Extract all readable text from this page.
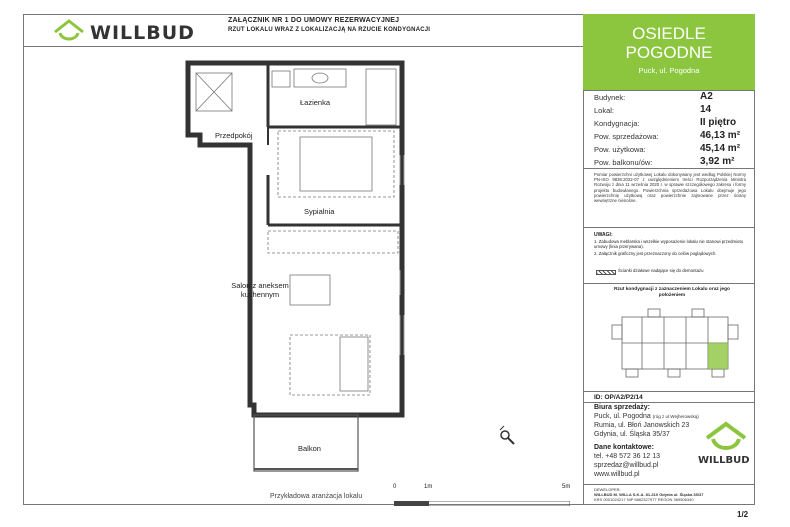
WILLBUD
ZAŁĄCZNIK NR 1 DO UMOWY REZERWACYJNEJ
RZUT LOKALU WRAZ Z LOKALIZACJĄ NA RZUCIE KONDYGNACJI	OSIEDLE
POGODNE
Puck, ul. Pogodna
Budynek:	A2
Lokal:	14
Kondygnacja:	II piętro
Pow. sprzedażowa:	46,13 m²
Pow. użytkowa:	45,14 m²
Pow. balkonu/ów:	3,92 m²
Pomiar powierzchni użytkowej Lokalu dokonywany jest według Polskiej Normy PN-ISO 9836:2022-07 z uwzględnieniem treści Rozporządzenia Ministra Rozwoju z dnia 11 września 2020 r. w sprawie szczegółowego zakresu i formy projektu budowlanego. Powierzchnia sprzedażowa Lokalu obejmuje jego powierzchnię użytkową oraz powierzchnie zajmowane przez ściany wewnętrzne nienośne.
UWAGI:
1. Zabudowa meblarska i wszelkie wyposażenie lokalu nie stanowi przedmiotu umowy (linia przerywana).
2. Załącznik graficzny jest przeznaczony do celów poglądowych.
Ścianki działowe nadające się do demontażu
Rzut kondygnacji z zaznaczeniem Lokalu oraz jego położeniem
ID: OP/A2/P2/14
Biura sprzedaży:
Puck, ul. Pogodna (róg z ul.Wejherowską)
Rumia, ul. Błoń Janowskich 23
Gdynia, ul. Śląska 35/37
Dane kontaktowe:
tel. +48 572 36 12 13
sprzedaz@willbud.pl
www.willbud.pl
WILLBUD
DEWELOPER:
WILLBUD M. WILLA S.K.A. 81-310 Gdynia ul. Śląska 35/37
KRS 0001024217 NIP 5862327977 REGON 369506340
Łazienka
Przedpokój
Sypialnia
Salon z aneksem
kuchennym
Balkon
Przykładowa aranżacja lokalu
0	1m	5m
1/2
